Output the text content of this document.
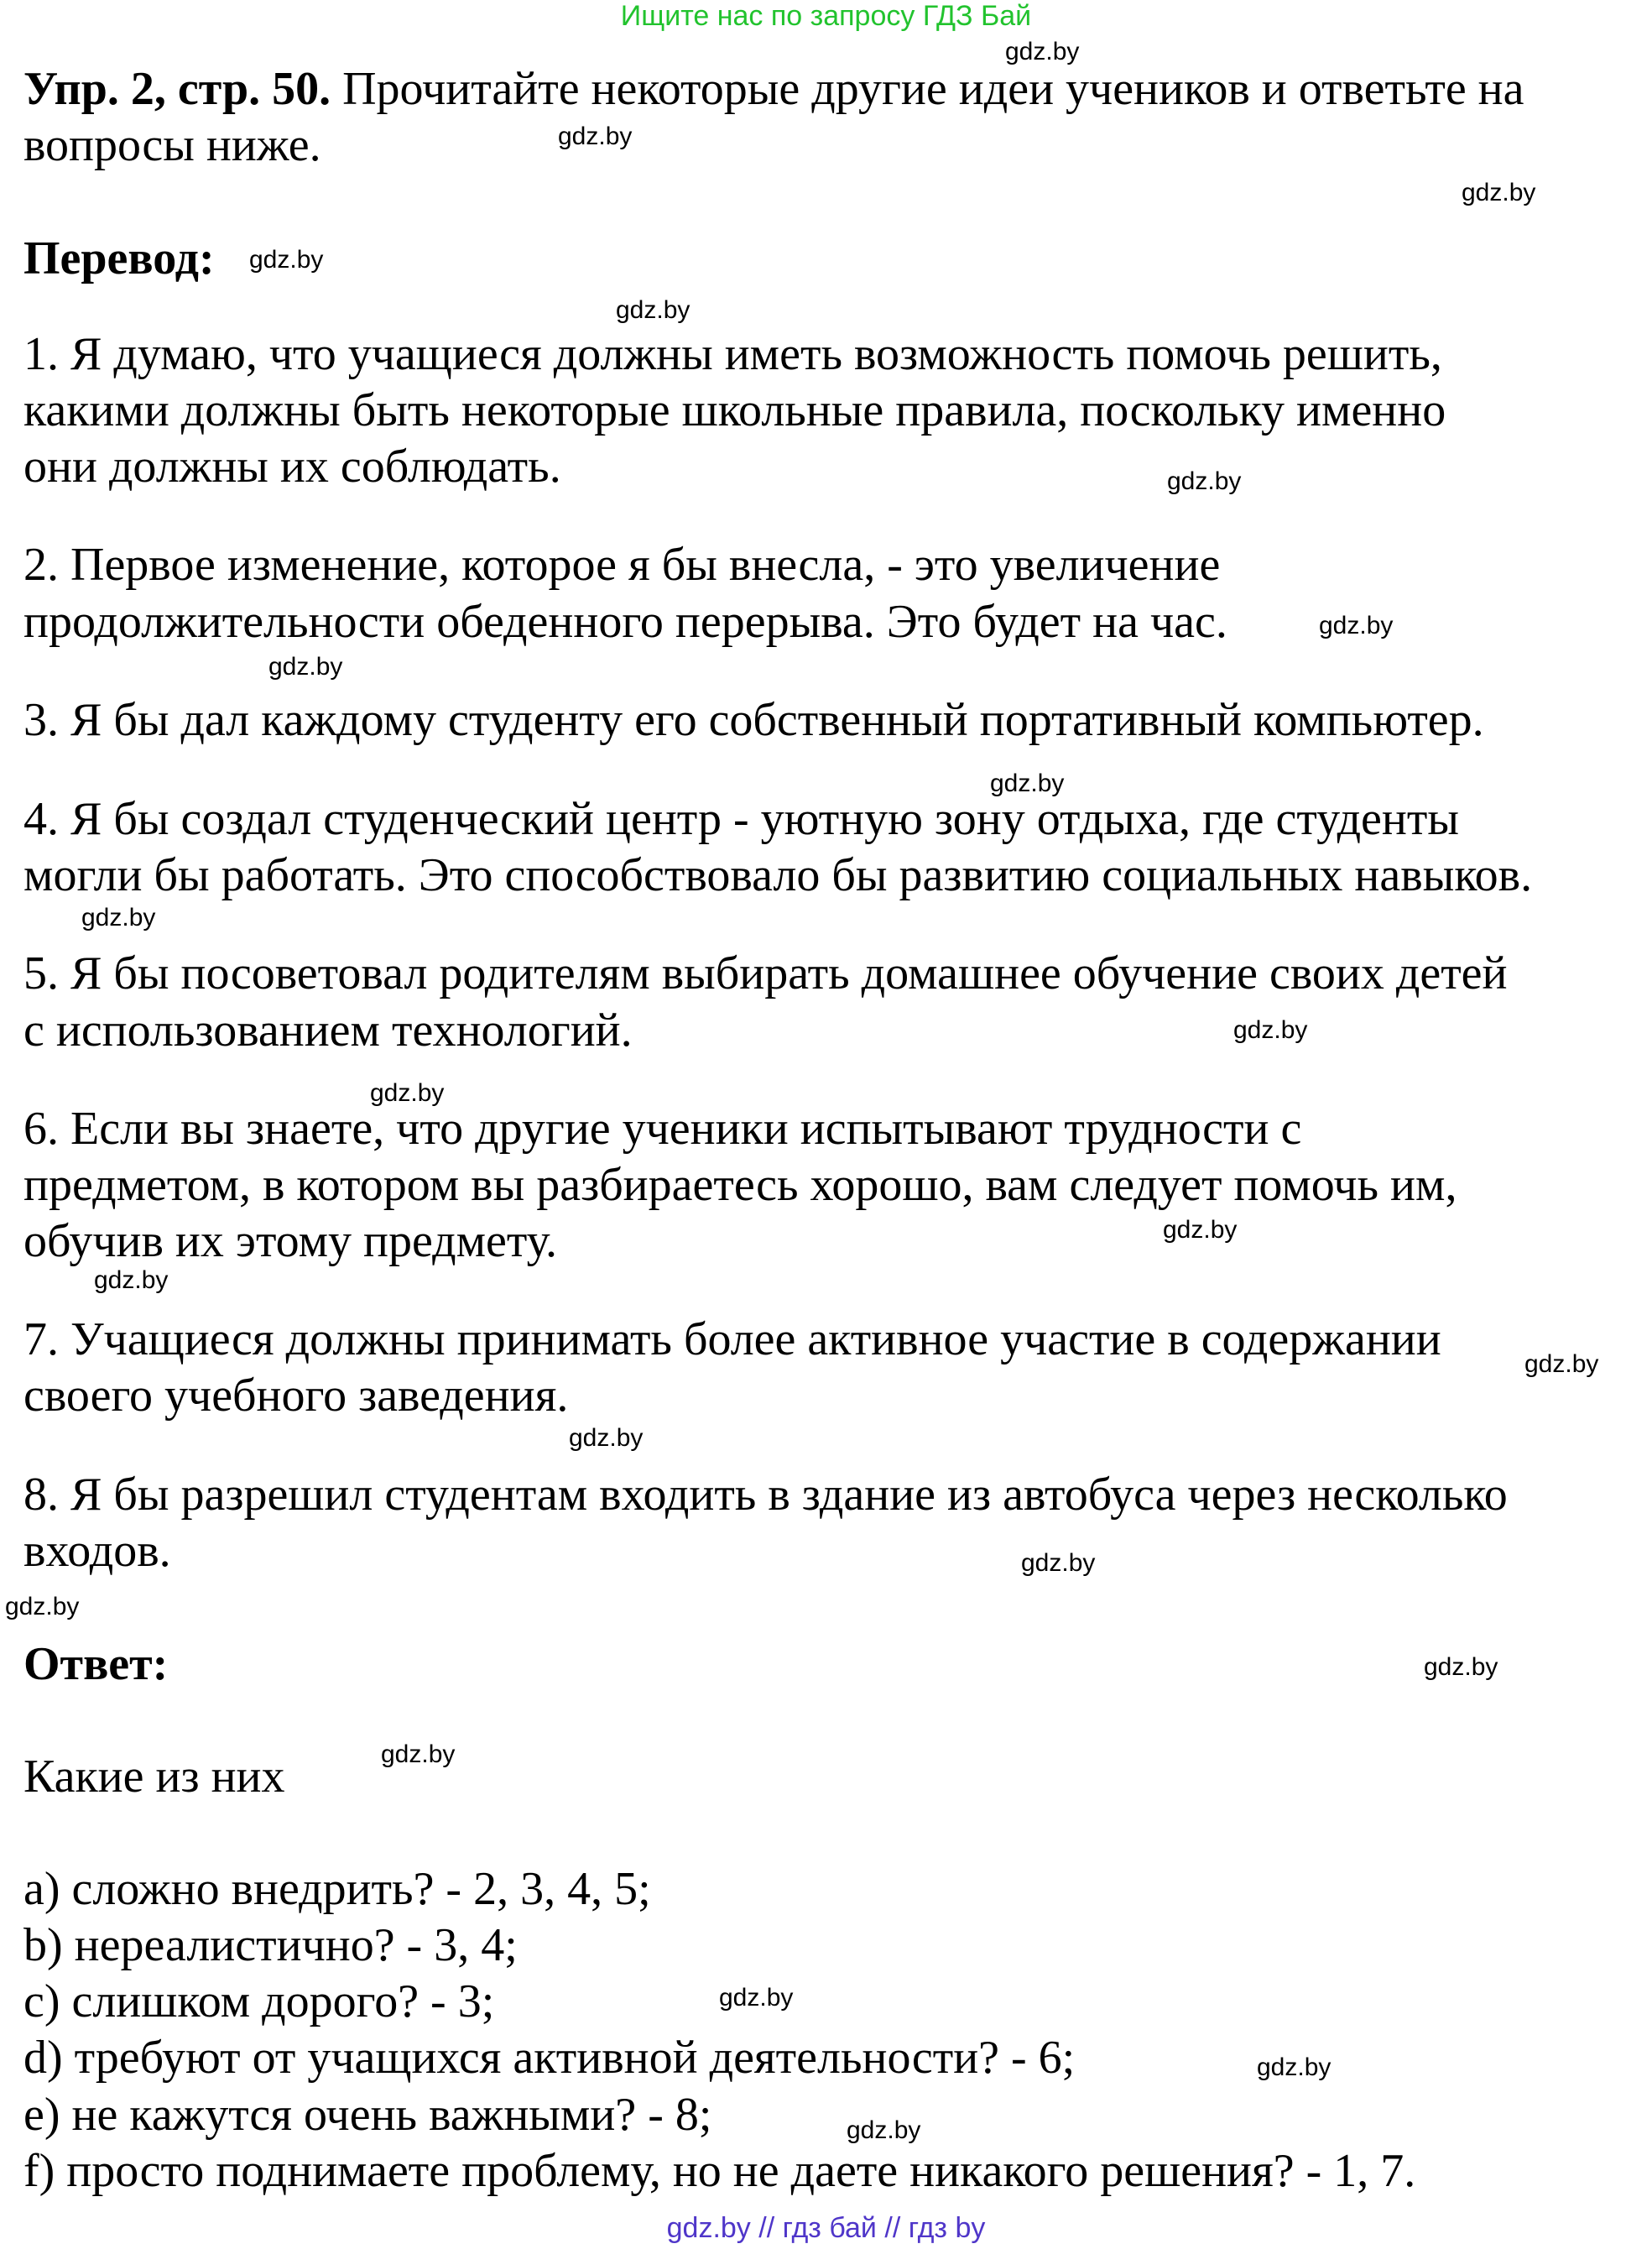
Ищите нас по запросу ГДЗ Бай
Упр. 2, стр. 50. Прочитайте некоторые другие идеи учеников и ответьте на
вопросы ниже.
Перевод:
1. Я думаю, что учащиеся должны иметь возможность помочь решить,
какими должны быть некоторые школьные правила, поскольку именно
они должны их соблюдать.
2. Первое изменение, которое я бы внесла, - это увеличение
продолжительности обеденного перерыва. Это будет на час.
3. Я бы дал каждому студенту его собственный портативный компьютер.
4. Я бы создал студенческий центр - уютную зону отдыха, где студенты
могли бы работать. Это способствовало бы развитию социальных навыков.
5. Я бы посоветовал родителям выбирать домашнее обучение своих детей
с использованием технологий.
6. Если вы знаете, что другие ученики испытывают трудности с
предметом, в котором вы разбираетесь хорошо, вам следует помочь им,
обучив их этому предмету.
7. Учащиеся должны принимать более активное участие в содержании
своего учебного заведения.
8. Я бы разрешил студентам входить в здание из автобуса через несколько
входов.
Ответ:
Какие из них
a) сложно внедрить? - 2, 3, 4, 5;
b) нереалистично? - 3, 4;
c) слишком дорого? - 3;
d) требуют от учащихся активной деятельности? - 6;
e) не кажутся очень важными? - 8;
f) просто поднимаете проблему, но не даете никакого решения? - 1, 7.
gdz.by
gdz.by
gdz.by
gdz.by
gdz.by
gdz.by
gdz.by
gdz.by
gdz.by
gdz.by
gdz.by
gdz.by
gdz.by
gdz.by
gdz.by
gdz.by
gdz.by
gdz.by
gdz.by
gdz.by
gdz.by
gdz.by
gdz.by
gdz.by // гдз бай // гдз by
